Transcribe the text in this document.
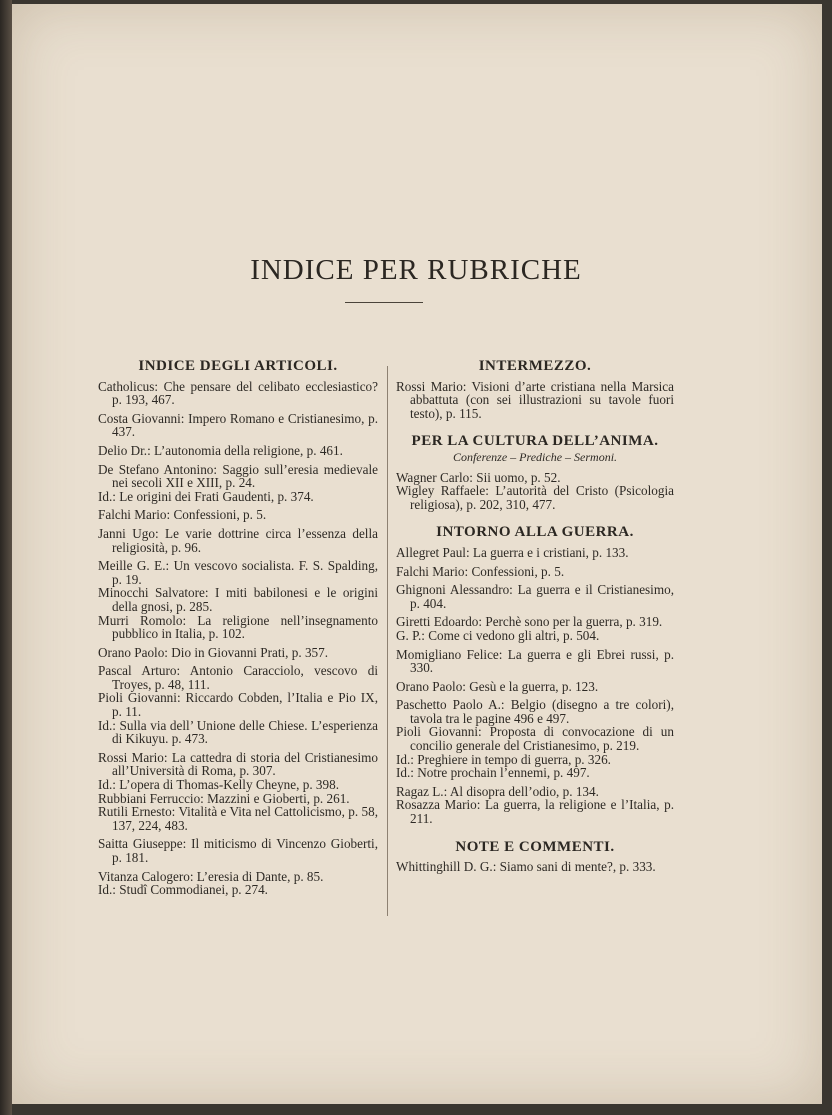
INDICE PER RUBRICHE
INDICE DEGLI ARTICOLI.

Catholicus: Che pensare del celibato ecclesiastico? p. 193, 467.

Costa Giovanni: Impero Romano e Cristianesimo, p. 437.

Delio Dr.: L’autonomia della religione, p. 461.

De Stefano Antonino: Saggio sull’eresia medievale nei secoli XII e XIII, p. 24.

Id.: Le origini dei Frati Gaudenti, p. 374.

Falchi Mario: Confessioni, p. 5.

Janni Ugo: Le varie dottrine circa l’essenza della religiosità, p. 96.

Meille G. E.: Un vescovo socialista. F. S. Spalding, p. 19.

Minocchi Salvatore: I miti babilonesi e le origini della gnosi, p. 285.

Murri Romolo: La religione nell’insegnamento pubblico in Italia, p. 102.

Orano Paolo: Dio in Giovanni Prati, p. 357.

Pascal Arturo: Antonio Caracciolo, vescovo di Troyes, p. 48, 111.

Pioli Giovanni: Riccardo Cobden, l’Italia e Pio IX, p. 11.

Id.: Sulla via dell’ Unione delle Chiese. L’esperienza di Kikuyu. p. 473.

Rossi Mario: La cattedra di storia del Cristianesimo all’Università di Roma, p. 307.

Id.: L’opera di Thomas-Kelly Cheyne, p. 398.

Rubbiani Ferruccio: Mazzini e Gioberti, p. 261.

Rutili Ernesto: Vitalità e Vita nel Cattolicismo, p. 58, 137, 224, 483.

Saitta Giuseppe: Il miticismo di Vincenzo Gioberti, p. 181.

Vitanza Calogero: L’eresia di Dante, p. 85.

Id.: Studî Commodianei, p. 274.

INTERMEZZO.

Rossi Mario: Visioni d’arte cristiana nella Marsica abbattuta (con sei illustrazioni su tavole fuori testo), p. 115.

PER LA CULTURA DELL’ANIMA.
Conferenze – Prediche – Sermoni.

Wagner Carlo: Sii uomo, p. 52.

Wigley Raffaele: L’autorità del Cristo (Psicologia religiosa), p. 202, 310, 477.

INTORNO ALLA GUERRA.

Allegret Paul: La guerra e i cristiani, p. 133.

Falchi Mario: Confessioni, p. 5.

Ghignoni Alessandro: La guerra e il Cristianesimo, p. 404.

Giretti Edoardo: Perchè sono per la guerra, p. 319.

G. P.: Come ci vedono gli altri, p. 504.

Momigliano Felice: La guerra e gli Ebrei russi, p. 330.

Orano Paolo: Gesù e la guerra, p. 123.

Paschetto Paolo A.: Belgio (disegno a tre colori), tavola tra le pagine 496 e 497.

Pioli Giovanni: Proposta di convocazione di un concilio generale del Cristianesimo, p. 219.

Id.: Preghiere in tempo di guerra, p. 326.

Id.: Notre prochain l’ennemi, p. 497.

Ragaz L.: Al disopra dell’odio, p. 134.

Rosazza Mario: La guerra, la religione e l’Italia, p. 211.

NOTE E COMMENTI.

Whittinghill D. G.: Siamo sani di mente?, p. 333.
